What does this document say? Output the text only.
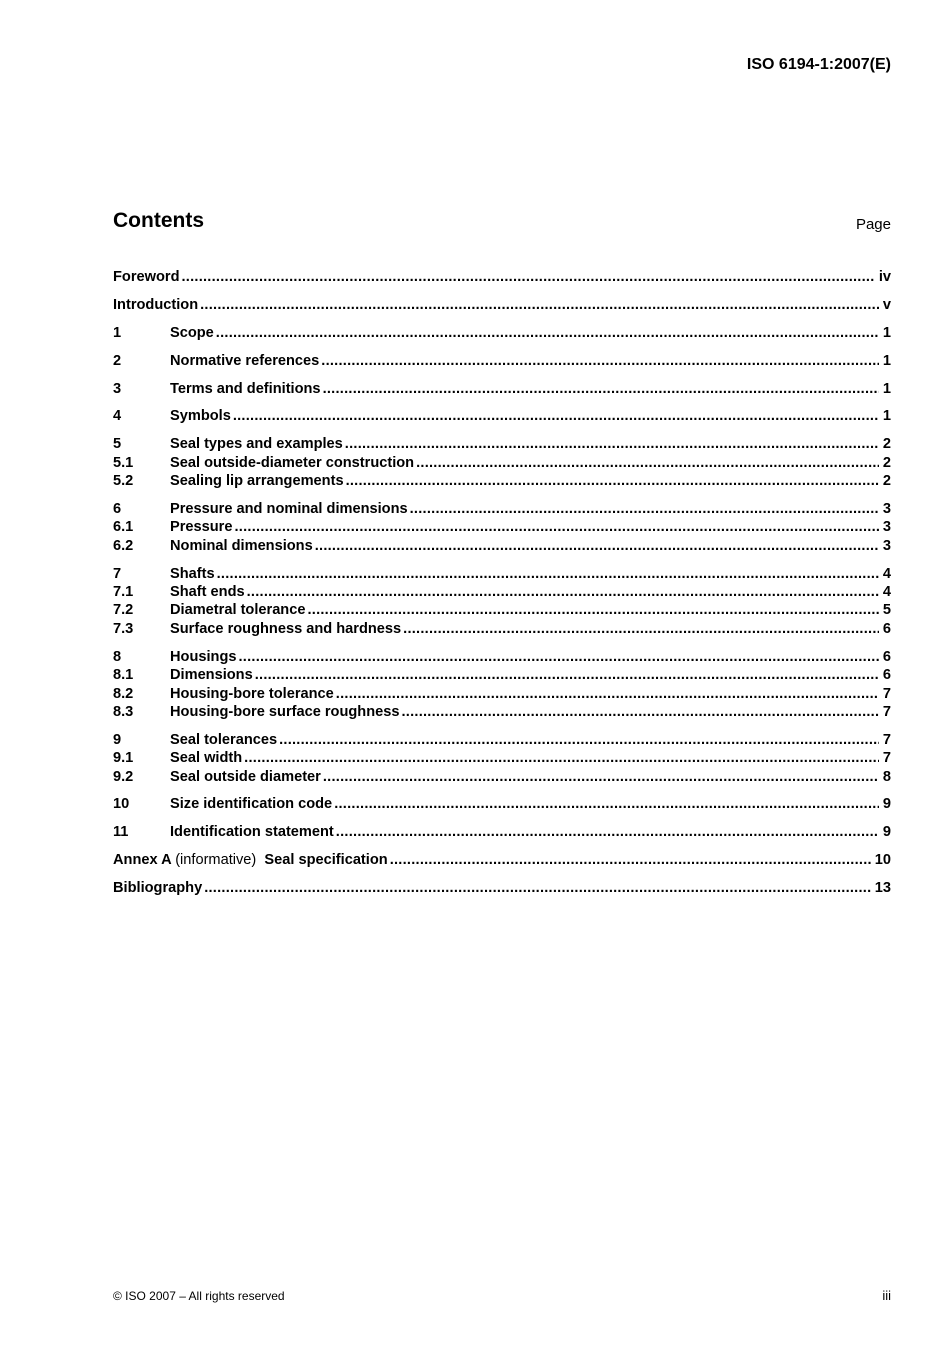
ISO 6194-1:2007(E)
Contents	Page
Foreword .....	iv
Introduction .....	v
1	Scope .....	1
2	Normative references .....	1
3	Terms and definitions .....	1
4	Symbols .....	1
5	Seal types and examples .....	2
5.1	Seal outside-diameter construction .....	2
5.2	Sealing lip arrangements .....	2
6	Pressure and nominal dimensions .....	3
6.1	Pressure .....	3
6.2	Nominal dimensions .....	3
7	Shafts .....	4
7.1	Shaft ends .....	4
7.2	Diametral tolerance .....	5
7.3	Surface roughness and hardness .....	6
8	Housings .....	6
8.1	Dimensions .....	6
8.2	Housing-bore tolerance .....	7
8.3	Housing-bore surface roughness .....	7
9	Seal tolerances .....	7
9.1	Seal width .....	7
9.2	Seal outside diameter .....	8
10	Size identification code .....	9
11	Identification statement .....	9
Annex A (informative) Seal specification .....	10
Bibliography .....	13
© ISO 2007 – All rights reserved	iii
